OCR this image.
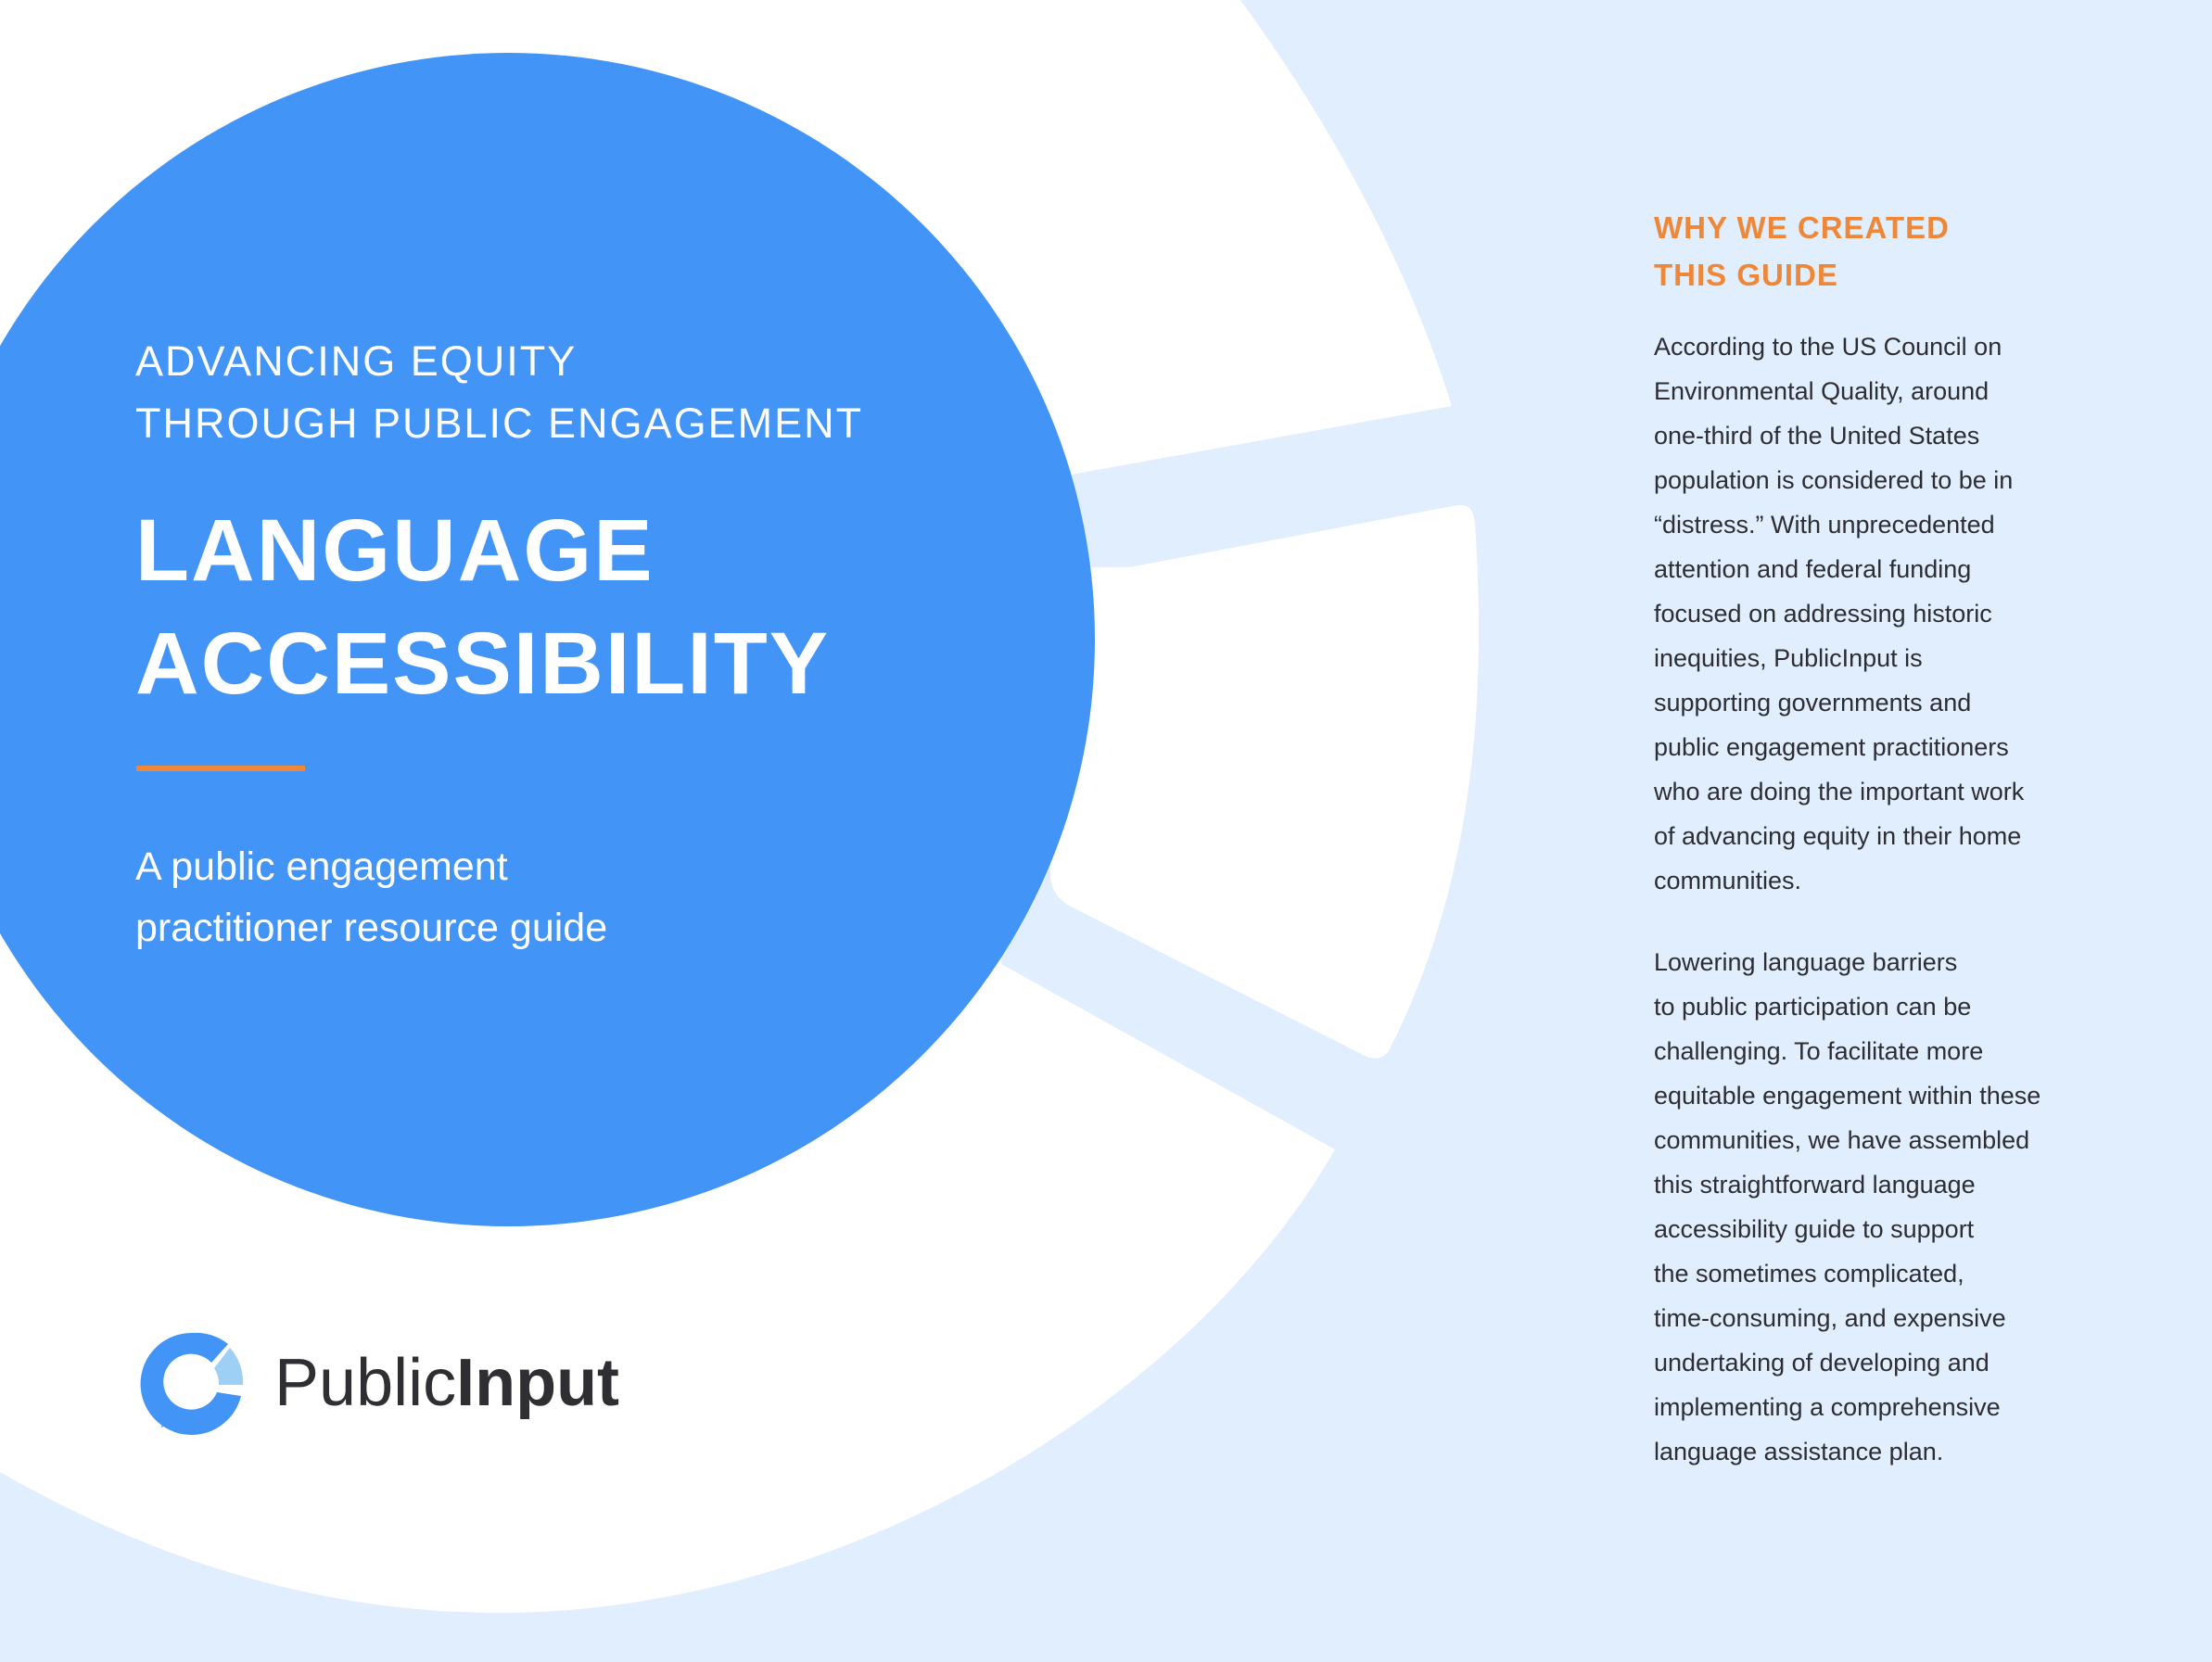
ADVANCING EQUITY
THROUGH PUBLIC ENGAGEMENT
LANGUAGE
ACCESSIBILITY
A public engagement
practitioner resource guide
PublicInput
WHY WE CREATED
THIS GUIDE
According to the US Council on
Environmental Quality, around
one-third of the United States
population is considered to be in
“distress.” With unprecedented
attention and federal funding
focused on addressing historic
inequities, PublicInput is
supporting governments and
public engagement practitioners
who are doing the important work
of advancing equity in their home
communities.
Lowering language barriers
to public participation can be
challenging. To facilitate more
equitable engagement within these
communities, we have assembled
this straightforward language
accessibility guide to support
the sometimes complicated,
time-consuming, and expensive
undertaking of developing and
implementing a comprehensive
language assistance plan.
